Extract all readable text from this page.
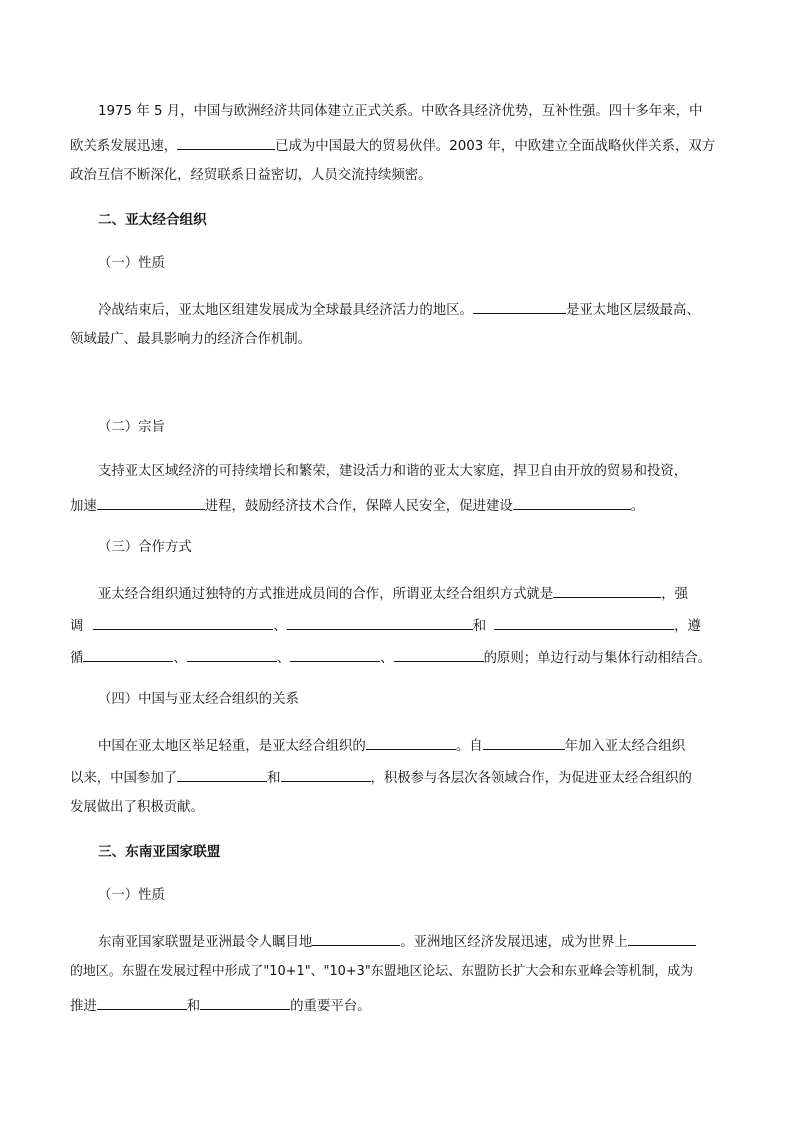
1975 年 5 月，中国与欧洲经济共同体建立正式关系。中欧各具经济优势，互补性强。四十多年来，中

欧关系发展迅速，	已成为中国最大的贸易伙伴。2003 年，中欧建立全面战略伙伴关系，双方

政治互信不断深化，经贸联系日益密切，人员交流持续频密。

二、亚太经合组织

（一）性质

冷战结束后，亚太地区组建发展成为全球最具经济活力的地区。	是亚太地区层级最高、

领域最广、最具影响力的经济合作机制。

（二）宗旨

支持亚太区域经济的可持续增长和繁荣，建设活力和谐的亚太大家庭，捍卫自由开放的贸易和投资，

加速	进程，鼓励经济技术合作，保障人民安全，促进建设	。

（三）合作方式

亚太经合组织通过独特的方式推进成员间的合作，所谓亚太经合组织方式就是	，强

调	、	和	，遵

循	、	、	、	的原则；单边行动与集体行动相结合。

（四）中国与亚太经合组织的关系

中国在亚太地区举足轻重，是亚太经合组织的	。自	年加入亚太经合组织

以来，中国参加了	和	，积极参与各层次各领域合作，为促进亚太经合组织的

发展做出了积极贡献。

三、东南亚国家联盟

（一）性质

东南亚国家联盟是亚洲最令人瞩目地	。亚洲地区经济发展迅速，成为世界上

的地区。东盟在发展过程中形成了"10+1"、"10+3"东盟地区论坛、东盟防长扩大会和东亚峰会等机制，成为

推进	和	的重要平台。
